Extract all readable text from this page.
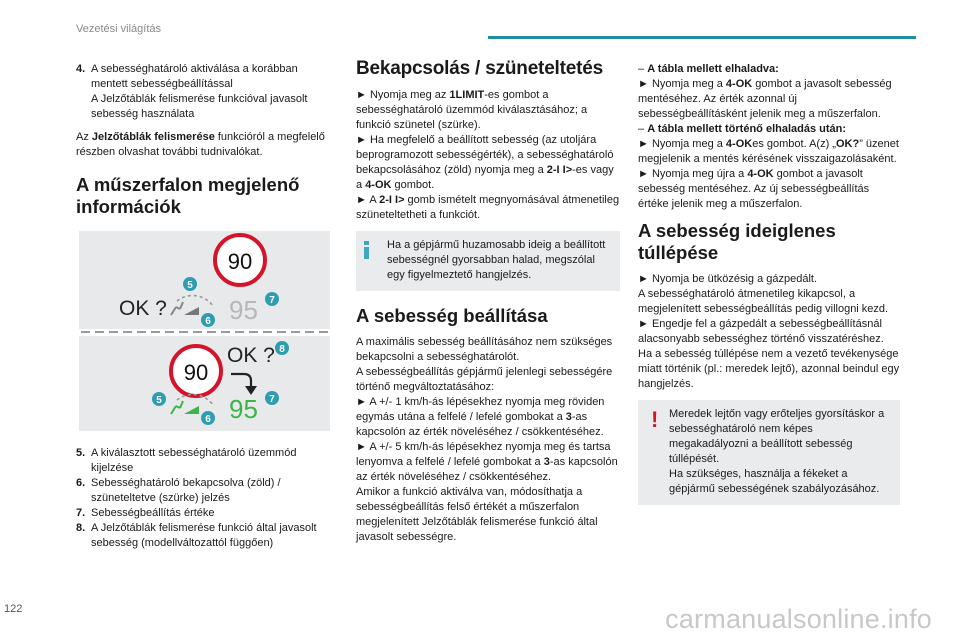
Vezetési világítás
4. A sebességhatároló aktiválása a korábban
mentett sebességbeállítással
A Jelzőtáblák felismerése funkcióval javasolt
sebesség használata

Az Jelzőtáblák felismerése funkcióról a megfelelő részben olvashat további tudnivalókat.

A műszerfalon megjelenő információk
90
OK ? 95
5
6
7
90
OK ? 8
95
5
6
7
5. A kiválasztott sebességhatároló üzemmód kijelzése
6. Sebességhatároló bekapcsolva (zöld) / szüneteltetve (szürke) jelzés
7. Sebességbeállítás értéke
8. A Jelzőtáblák felismerése funkció által javasolt sebesség (modellváltozattól függően)
Bekapcsolás / szüneteltetés

► Nyomja meg az 1LIMIT-es gombot a sebességhatároló üzemmód kiválasztásához; a funkció szünetel (szürke).

► Ha megfelelő a beállított sebesség (az utoljára beprogramozott sebességérték), a sebességhatároló bekapcsolásához (zöld) nyomja meg a 2-I I>-es vagy a 4-OK gombot.

► A 2-I I> gomb ismételt megnyomásával átmenetileg szüneteltetheti a funkciót.

Ha a gépjármű huzamosabb ideig a beállított sebességnél gyorsabban halad, megszólal egy figyelmeztető hangjelzés.
A sebesség beállítása

A maximális sebesség beállításához nem szükséges bekapcsolni a sebességhatárolót.

A sebességbeállítás gépjármű jelenlegi sebességére történő megváltoztatásához:

► A +/- 1 km/h-ás lépésekhez nyomja meg röviden egymás utána a felfelé / lefelé gombokat a 3-as kapcsolón az érték növeléséhez / csökkentéséhez.

► A +/- 5 km/h-ás lépésekhez nyomja meg és tartsa lenyomva a felfelé / lefelé gombokat a 3-as kapcsolón az érték növeléséhez / csökkentéséhez.

Amikor a funkció aktiválva van, módosíthatja a sebességbeállítás felső értékét a műszerfalon megjelenített Jelzőtáblák felismerése funkció által javasolt sebességre.

– A tábla mellett elhaladva:

► Nyomja meg a 4-OK gombot a javasolt sebesség mentéséhez. Az érték azonnal új sebességbeállításként jelenik meg a műszerfalon.

– A tábla mellett történő elhaladás után:

► Nyomja meg a 4-OKes gombot. A(z) „OK?” üzenet megjelenik a mentés kérésének visszaigazolásaként.

► Nyomja meg újra a 4-OK gombot a javasolt sebesség mentéséhez. Az új sebességbeállítás értéke jelenik meg a műszerfalon.

A sebesség ideiglenes túllépése

► Nyomja be ütközésig a gázpedált.

A sebességhatároló átmenetileg kikapcsol, a megjelenített sebességbeállítás pedig villogni kezd.

► Engedje fel a gázpedált a sebességbeállításnál alacsonyabb sebességhez történő visszatéréshez.

Ha a sebesség túllépése nem a vezető tevékenysége miatt történik (pl.: meredek lejtő), azonnal beindul egy hangjelzés.

! Meredek lejtőn vagy erőteljes gyorsításkor a sebességhatároló nem képes megakadályozni a beállított sebesség túllépését.
Ha szükséges, használja a fékeket a gépjármű sebességének szabályozásához.
122	carmanualsonline.info
